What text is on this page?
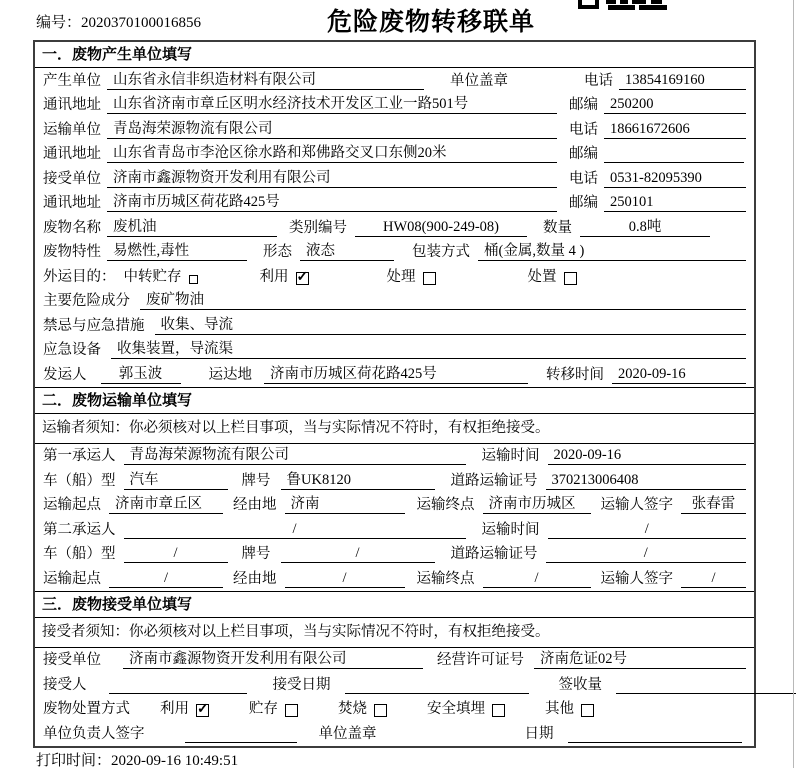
编号：2020370100016856	危险废物转移联单
一．废物产生单位填写
产生单位 山东省永信非织造材料有限公司	单位盖章	电话 13854169160
通讯地址 山东省济南市章丘区明水经济技术开发区工业一路501号	邮编 250200
运输单位 青岛海荣源物流有限公司	电话 18661672606
通讯地址 山东省青岛市李沧区徐水路和郑佛路交叉口东侧20米	邮编
接受单位 济南市鑫源物资开发利用有限公司	电话 0531-82095390
通讯地址 济南市历城区荷花路425号	邮编 250101
废物名称 废机油	类别编号	HW08(900-249-08)	数量	0.8吨
废物特性 易燃性,毒性	形态 液态	包装方式 桶(金属,数量 4 )
外运目的： 中转贮存	利用 ✓	处理	处置
主要危险成分	废矿物油
禁忌与应急措施	收集、导流
应急设备	收集装置，导流渠
发运人	郭玉波	运达地	济南市历城区荷花路425号	转移时间 2020-09-16
二．废物运输单位填写
运输者须知：你必须核对以上栏目事项，当与实际情况不符时，有权拒绝接受。
第一承运人 青岛海荣源物流有限公司	运输时间 2020-09-16
车（船）型 汽车	牌号	鲁UK8120	道路运输证号 370213006408
运输起点 济南市章丘区	经由地 济南	运输终点 济南市历城区	运输人签字	张春雷
第二承运人	/	运输时间	/
车（船）型	/	牌号	/	道路运输证号	/
运输起点	/	经由地	/	运输终点	/	运输人签字	/
三．废物接受单位填写
接受者须知：你必须核对以上栏目事项，当与实际情况不符时，有权拒绝接受。
接受单位	济南市鑫源物资开发利用有限公司	经营许可证号	济南危证02号
接受人	接受日期	签收量
废物处置方式 利用 ✓	贮存	焚烧	安全填埋	其他
单位负责人签字	单位盖章	日期
打印时间：2020-09-16 10:49:51
